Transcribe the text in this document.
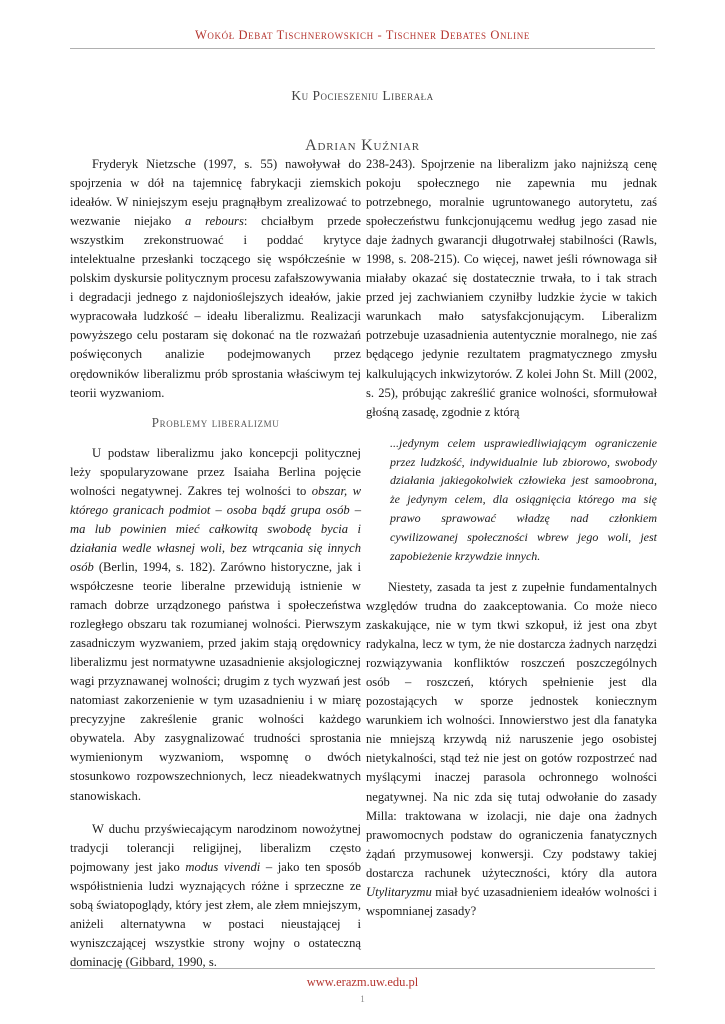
Wokół Debat Tischnerowskich - Tischner Debates Online
Ku Pocieszeniu Liberała
Adrian Kuźniar

Fryderyk Nietzsche (1997, s. 55) nawoływał do spojrzenia w dół na tajemnicę fabrykacji ziemskich ideałów. W niniejszym eseju pragnąłbym zrealizować to wezwanie niejako a rebours: chciałbym przede wszystkim zrekonstruować i poddać krytyce intelektualne przesłanki toczącego się współcześnie w polskim dyskursie politycznym procesu zafałszowywania i degradacji jednego z najdonioślejszych ideałów, jakie wypracowała ludzkość – ideału liberalizmu. Realizacji powyższego celu postaram się dokonać na tle rozważań poświęconych analizie podejmowanych przez orędowników liberalizmu prób sprostania właściwym tej teorii wyzwaniom.

Problemy liberalizmu

U podstaw liberalizmu jako koncepcji politycznej leży spopularyzowane przez Isaiaha Berlina pojęcie wolności negatywnej. Zakres tej wolności to obszar, w którego granicach podmiot – osoba bądź grupa osób – ma lub powinien mieć całkowitą swobodę bycia i działania wedle własnej woli, bez wtrącania się innych osób (Berlin, 1994, s. 182). Zarówno historyczne, jak i współczesne teorie liberalne przewidują istnienie w ramach dobrze urządzonego państwa i społeczeństwa rozległego obszaru tak rozumianej wolności. Pierwszym zasadniczym wyzwaniem, przed jakim stają orędownicy liberalizmu jest normatywne uzasadnienie aksjologicznej wagi przyznawanej wolności; drugim z tych wyzwań jest natomiast zakorzenienie w tym uzasadnieniu i w miarę precyzyjne zakreślenie granic wolności każdego obywatela. Aby zasygnalizować trudności sprostania wymienionym wyzwaniom, wspomnę o dwóch stosunkowo rozpowszechnionych, lecz nieadekwatnych stanowiskach.

W duchu przyświecającym narodzinom nowożytnej tradycji tolerancji religijnej, liberalizm często pojmowany jest jako modus vivendi – jako ten sposób współistnienia ludzi wyznających różne i sprzeczne ze sobą światopoglądy, który jest złem, ale złem mniejszym, aniżeli alternatywna w postaci nieustającej i wyniszczającej wszystkie strony wojny o ostateczną dominację (Gibbard, 1990, s.

238-243). Spojrzenie na liberalizm jako najniższą cenę pokoju społecznego nie zapewnia mu jednak potrzebnego, moralnie ugruntowanego autorytetu, zaś społeczeństwu funkcjonującemu według jego zasad nie daje żadnych gwarancji długotrwałej stabilności (Rawls, 1998, s. 208-215). Co więcej, nawet jeśli równowaga sił miałaby okazać się dostatecznie trwała, to i tak strach przed jej zachwianiem czyniłby ludzkie życie w takich warunkach mało satysfakcjonującym. Liberalizm potrzebuje uzasadnienia autentycznie moralnego, nie zaś będącego jedynie rezultatem pragmatycznego zmysłu kalkulujących inkwizytorów. Z kolei John St. Mill (2002, s. 25), próbując zakreślić granice wolności, sformułował głośną zasadę, zgodnie z którą

...jedynym celem usprawiedliwiającym ograniczenie przez ludzkość, indywidualnie lub zbiorowo, swobody działania jakiegokolwiek człowieka jest samoobrona, że jedynym celem, dla osiągnięcia którego ma się prawo sprawować władzę nad członkiem cywilizowanej społeczności wbrew jego woli, jest zapobieżenie krzywdzie innych.

Niestety, zasada ta jest z zupełnie fundamentalnych względów trudna do zaakceptowania. Co może nieco zaskakujące, nie w tym tkwi szkopuł, iż jest ona zbyt radykalna, lecz w tym, że nie dostarcza żadnych narzędzi rozwiązywania konfliktów roszczeń poszczególnych osób – roszczeń, których spełnienie jest dla pozostających w sporze jednostek koniecznym warunkiem ich wolności. Innowierstwo jest dla fanatyka nie mniejszą krzywdą niż naruszenie jego osobistej nietykalności, stąd też nie jest on gotów rozpostrzeć nad myślącymi inaczej parasola ochronnego wolności negatywnej. Na nic zda się tutaj odwołanie do zasady Milla: traktowana w izolacji, nie daje ona żadnych prawomocnych podstaw do ograniczenia fanatycznych żądań przymusowej konwersji. Czy podstawy takiej dostarcza rachunek użyteczności, który dla autora Utylitaryzmu miał być uzasadnieniem ideałów wolności i wspomnianej zasady?

www.erazm.uw.edu.pl
1
